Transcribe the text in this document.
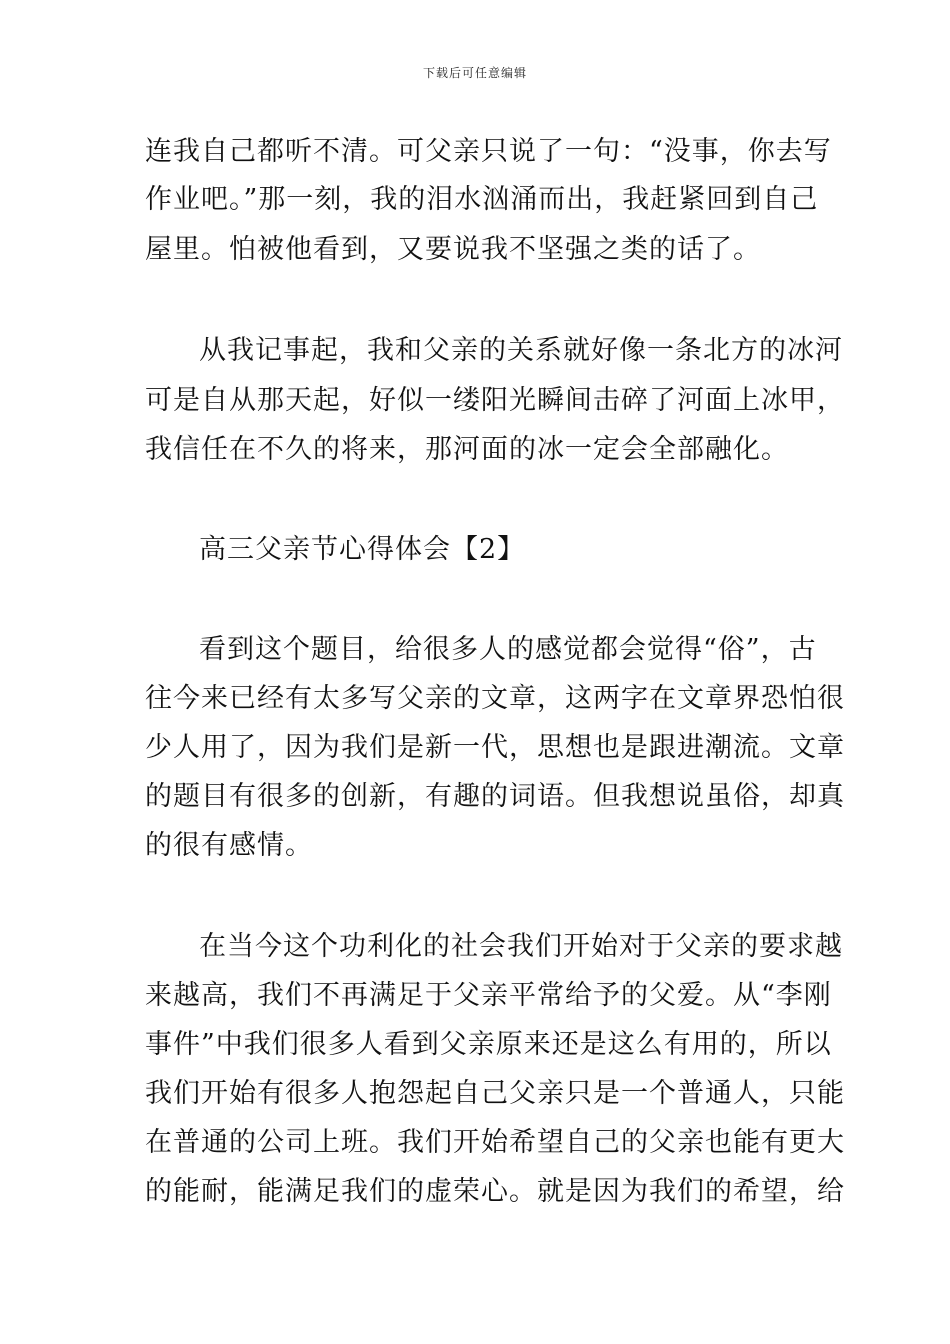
下载后可任意编辑
连我自己都听不清。可父亲只说了一句：“没事，你去写
作业吧。”那一刻，我的泪水汹涌而出，我赶紧回到自己
屋里。怕被他看到，又要说我不坚强之类的话了。
从我记事起，我和父亲的关系就好像一条北方的冰河
可是自从那天起，好似一缕阳光瞬间击碎了河面上冰甲，
我信任在不久的将来，那河面的冰一定会全部融化。
高三父亲节心得体会【2】
看到这个题目，给很多人的感觉都会觉得“俗”，古
往今来已经有太多写父亲的文章，这两字在文章界恐怕很
少人用了，因为我们是新一代，思想也是跟进潮流。文章
的题目有很多的创新，有趣的词语。但我想说虽俗，却真
的很有感情。
在当今这个功利化的社会我们开始对于父亲的要求越
来越高，我们不再满足于父亲平常给予的父爱。从“李刚
事件”中我们很多人看到父亲原来还是这么有用的，所以
我们开始有很多人抱怨起自己父亲只是一个普通人，只能
在普通的公司上班。我们开始希望自己的父亲也能有更大
的能耐，能满足我们的虚荣心。就是因为我们的希望，给
